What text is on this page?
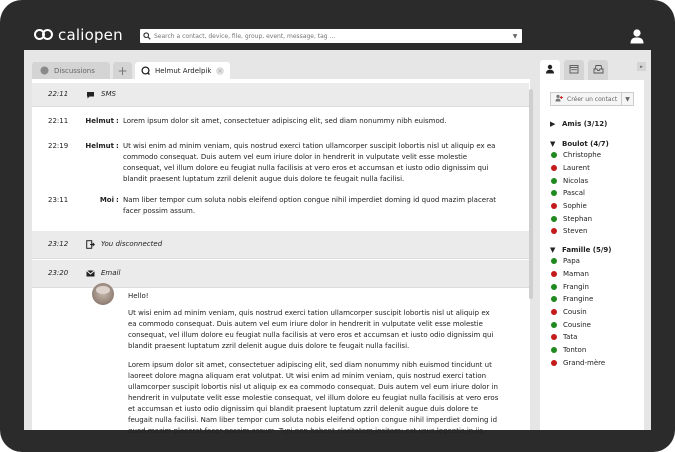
caliopen
Search a contact, device, file, group, event, message, tag ...	▼
Discussions +	Helmut Ardelpik ×
22:11	SMS
22:11	Helmut : Lorem ipsum dolor sit amet, consectetuer adipiscing elit, sed diam nonummy nibh euismod.
22:19	Helmut : Ut wisi enim ad minim veniam, quis nostrud exerci tation ullamcorper suscipit lobortis nisl ut aliquip ex ea commodo consequat. Duis autem vel eum iriure dolor in hendrerit in vulputate velit esse molestie consequat, vel illum dolore eu feugiat nulla facilisis at vero eros et accumsan et iusto odio dignissim qui blandit praesent luptatum zzril delenit augue duis dolore te feugait nulla facilisi.
23:11	Moi : Nam liber tempor cum soluta nobis eleifend option congue nihil imperdiet doming id quod mazim placerat facer possim assum.
23:12	You disconnected
23:20	Email
Hello!
Ut wisi enim ad minim veniam, quis nostrud exerci tation ullamcorper suscipit lobortis nisl ut aliquip ex ea commodo consequat. Duis autem vel eum iriure dolor in hendrerit in vulputate velit esse molestie consequat, vel illum dolore eu feugiat nulla facilisis at vero eros et accumsan et iusto odio dignissim qui blandit praesent luptatum zzril delenit augue duis dolore te feugait nulla facilisi.
Lorem ipsum dolor sit amet, consectetuer adipiscing elit, sed diam nonummy nibh euismod tincidunt ut laoreet dolore magna aliquam erat volutpat. Ut wisi enim ad minim veniam, quis nostrud exerci tation ullamcorper suscipit lobortis nisl ut aliquip ex ea commodo consequat. Duis autem vel eum iriure dolor in hendrerit in vulputate velit esse molestie consequat, vel illum dolore eu feugiat nulla facilisis at vero eros et accumsan et iusto odio dignissim qui blandit praesent luptatum zzril delenit augue duis dolore te feugait nulla facilisi. Nam liber tempor cum soluta nobis eleifend option congue nihil imperdiet doming id quod mazim placerat facer possim assum. Typi non habent claritatem insitam; est usus legentis in iis
▸
Créer un contact	▼
▶ Amis (3/12)
▼ Boulot (4/7)
Christophe
Laurent
Nicolas
Pascal
Sophie
Stephan
Steven
▼ Famille (5/9)
Papa
Maman
Frangin
Frangine
Cousin
Cousine
Tata
Tonton
Grand-mère
